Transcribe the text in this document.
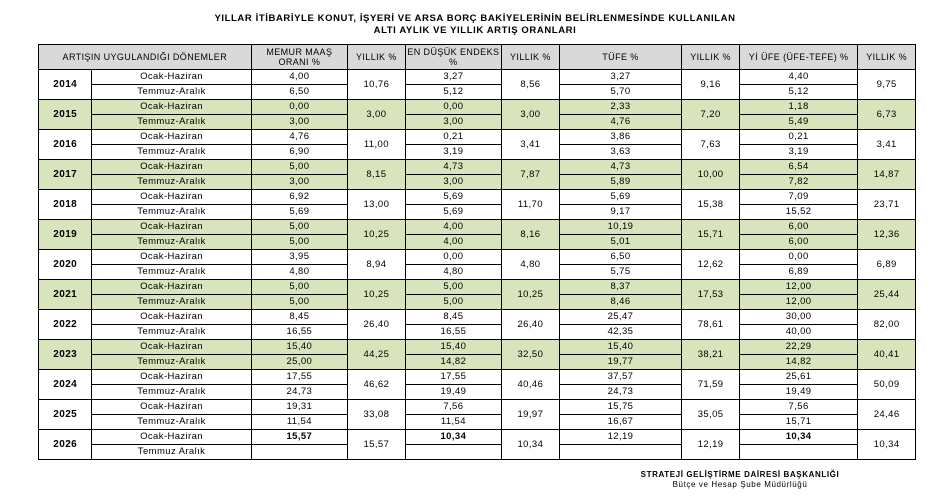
YILLAR İTİBARİYLE KONUT, İŞYERİ VE ARSA BORÇ BAKİYELERİNİN BELİRLENMESİNDE KULLANILAN
ALTI AYLIK VE YILLIK ARTIŞ ORANLARI
ARTIŞIN UYGULANDIĞI DÖNEMLER		MEMUR MAAŞ ORANI %	YILLIK %	EN DÜŞÜK ENDEKS %	YILLIK %	TÜFE %	YILLIK %	Yİ ÜFE (ÜFE-TEFE) %	YILLIK %
2014	Ocak-Haziran	4,00	10,76	3,27	8,56	3,27	9,16	4,40	9,75
	Temmuz-Aralık	6,50		5,12		5,70		5,12	
2015	Ocak-Haziran	0,00	3,00	0,00	3,00	2,33	7,20	1,18	6,73
	Temmuz-Aralık	3,00		3,00		4,76		5,49	
2016	Ocak-Haziran	4,76	11,00	0,21	3,41	3,86	7,63	0,21	3,41
	Temmuz-Aralık	6,90		3,19		3,63		3,19	
2017	Ocak-Haziran	5,00	8,15	4,73	7,87	4,73	10,00	6,54	14,87
	Temmuz-Aralık	3,00		3,00		5,89		7,82	
2018	Ocak-Haziran	6,92	13,00	5,69	11,70	5,69	15,38	7,09	23,71
	Temmuz-Aralık	5,69		5,69		9,17		15,52	
2019	Ocak-Haziran	5,00	10,25	4,00	8,16	10,19	15,71	6,00	12,36
	Temmuz-Aralık	5,00		4,00		5,01		6,00	
2020	Ocak-Haziran	3,95	8,94	0,00	4,80	6,50	12,62	0,00	6,89
	Temmuz-Aralık	4,80		4,80		5,75		6,89	
2021	Ocak-Haziran	5,00	10,25	5,00	10,25	8,37	17,53	12,00	25,44
	Temmuz-Aralık	5,00		5,00		8,46		12,00	
2022	Ocak-Haziran	8,45	26,40	8,45	26,40	25,47	78,61	30,00	82,00
	Temmuz-Aralık	16,55		16,55		42,35		40,00	
2023	Ocak-Haziran	15,40	44,25	15,40	32,50	15,40	38,21	22,29	40,41
	Temmuz-Aralık	25,00		14,82		19,77		14,82	
2024	Ocak-Haziran	17,55	46,62	17,55	40,46	37,57	71,59	25,61	50,09
	Temmuz-Aralık	24,73		19,49		24,73		19,49	
2025	Ocak-Haziran	19,31	33,08	7,56	19,97	15,75	35,05	7,56	24,46
	Temmuz-Aralık	11,54		11,54		16,67		15,71	
2026	Ocak-Haziran	15,57	15,57	10,34	10,34	12,19	12,19	10,34	10,34
	Temmuz Aralık								
STRATEJİ GELİŞTİRME DAİRESİ BAŞKANLIĞI
Bütçe ve Hesap Şube Müdürlüğü
